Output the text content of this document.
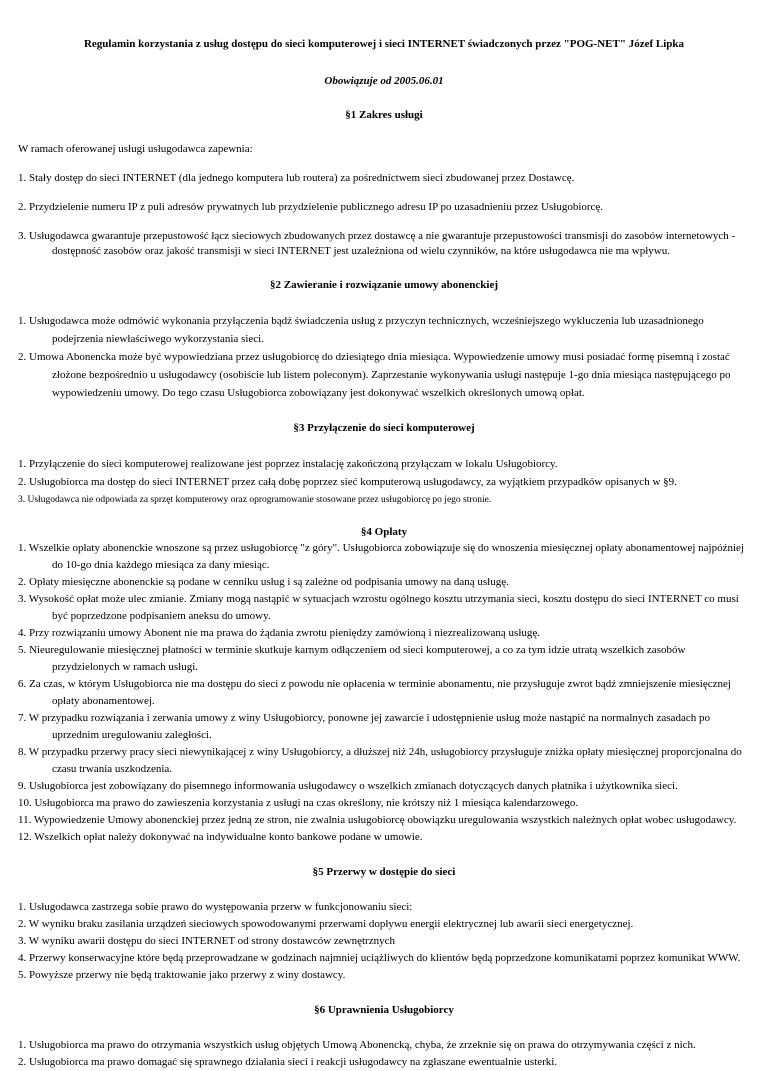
Regulamin korzystania z usług dostępu do sieci komputerowej i sieci INTERNET świadczonych przez "POG-NET" Józef Lipka

Obowiązuje od 2005.06.01

§1 Zakres usługi

W ramach oferowanej usługi usługodawca zapewnia:

1. Stały dostęp do sieci INTERNET (dla jednego komputera lub routera) za pośrednictwem sieci zbudowanej przez Dostawcę.

2. Przydzielenie numeru IP z puli adresów prywatnych lub przydzielenie publicznego adresu IP po uzasadnieniu przez Usługobiorcę.

3. Usługodawca gwarantuje przepustowość łącz sieciowych zbudowanych przez dostawcę a nie gwarantuje przepustowości transmisji do zasobów internetowych - dostępność zasobów oraz jakość transmisji w sieci INTERNET jest uzależniona od wielu czynników, na które usługodawca nie ma wpływu.

§2 Zawieranie i rozwiązanie umowy abonenckiej

1. Usługodawca może odmówić wykonania przyłączenia bądź świadczenia usług z przyczyn technicznych, wcześniejszego wykluczenia lub uzasadnionego podejrzenia niewłaściwego wykorzystania sieci.

2. Umowa Abonencka może być wypowiedziana przez usługobiorcę do dziesiątego dnia miesiąca. Wypowiedzenie umowy musi posiadać formę pisemną i zostać złożone bezpośrednio u usługodawcy (osobiście lub listem poleconym). Zaprzestanie wykonywania usługi następuje 1-go dnia miesiąca następującego po wypowiedzeniu umowy. Do tego czasu Usługobiorca zobowiązany jest dokonywać wszelkich określonych umową opłat.

§3 Przyłączenie do sieci komputerowej

1. Przyłączenie do sieci komputerowej realizowane jest poprzez instalację zakończoną przyłączam w lokalu Usługobiorcy.

2. Usługobiorca ma dostęp do sieci INTERNET przez całą dobę poprzez sieć komputerową usługodawcy, za wyjątkiem przypadków opisanych w §9.

3. Usługodawca nie odpowiada za sprzęt komputerowy oraz oprogramowanie stosowane przez usługobiorcę po jego stronie.

§4 Opłaty

1. Wszelkie opłaty abonenckie wnoszone są przez usługobiorcę "z góry". Usługobiorca zobowiązuje się do wnoszenia miesięcznej opłaty abonamentowej najpóźniej do 10-go dnia każdego miesiąca za dany miesiąc.

2. Opłaty miesięczne abonenckie są podane w cenniku usług i są zależne od podpisania umowy na daną usługę.

3. Wysokość opłat może ulec zmianie. Zmiany mogą nastąpić w sytuacjach wzrostu ogólnego kosztu utrzymania sieci, kosztu dostępu do sieci INTERNET co musi być poprzedzone podpisaniem aneksu do umowy.

4. Przy rozwiązaniu umowy Abonent nie ma prawa do żądania zwrotu pieniędzy zamówioną i niezrealizowaną usługę.

5. Nieuregulowanie miesięcznej płatności w terminie skutkuje karnym odłączeniem od sieci komputerowej, a co za tym idzie utratą wszelkich zasobów przydzielonych w ramach usługi.

6. Za czas, w którym Usługobiorca nie ma dostępu do sieci z powodu nie opłacenia w terminie abonamentu, nie przysługuje zwrot bądź zmniejszenie miesięcznej opłaty abonamentowej.

7. W przypadku rozwiązania i zerwania umowy z winy Usługobiorcy, ponowne jej zawarcie i udostępnienie usług może nastąpić na normalnych zasadach po uprzednim uregulowaniu zaległości.

8. W przypadku przerwy pracy sieci niewynikającej z winy Usługobiorcy, a dłuższej niż 24h, usługobiorcy przysługuje zniżka opłaty miesięcznej proporcjonalna do czasu trwania uszkodzenia.

9. Usługobiorca jest zobowiązany do pisemnego informowania usługodawcy o wszelkich zmianach dotyczących danych płatnika i użytkownika sieci.

10. Usługobiorca ma prawo do zawieszenia korzystania z usługi na czas określony, nie krótszy niż 1 miesiąca kalendarzowego.

11. Wypowiedzenie Umowy abonenckiej przez jedną ze stron, nie zwalnia usługobiorcę obowiązku uregulowania wszystkich należnych opłat wobec usługodawcy.

12. Wszelkich opłat należy dokonywać na indywidualne konto bankowe podane w umowie.

§5 Przerwy w dostępie do sieci

1. Usługodawca zastrzega sobie prawo do występowania przerw w funkcjonowaniu sieci:

2. W wyniku braku zasilania urządzeń sieciowych spowodowanymi przerwami dopływu energii elektrycznej lub awarii sieci energetycznej.

3. W wyniku awarii dostępu do sieci INTERNET od strony dostawców zewnętrznych

4. Przerwy konserwacyjne które będą przeprowadzane w godzinach najmniej uciążliwych do klientów będą poprzedzone komunikatami poprzez komunikat WWW.

5. Powyższe przerwy nie będą traktowanie jako przerwy z winy dostawcy.

§6 Uprawnienia Usługobiorcy

1. Usługobiorca ma prawo do otrzymania wszystkich usług objętych Umową Abonencką, chyba, że zrzeknie się on prawa do otrzymywania części z nich.

2. Usługobiorca ma prawo domagać się sprawnego działania sieci i reakcji usługodawcy na zgłaszane ewentualnie usterki.
